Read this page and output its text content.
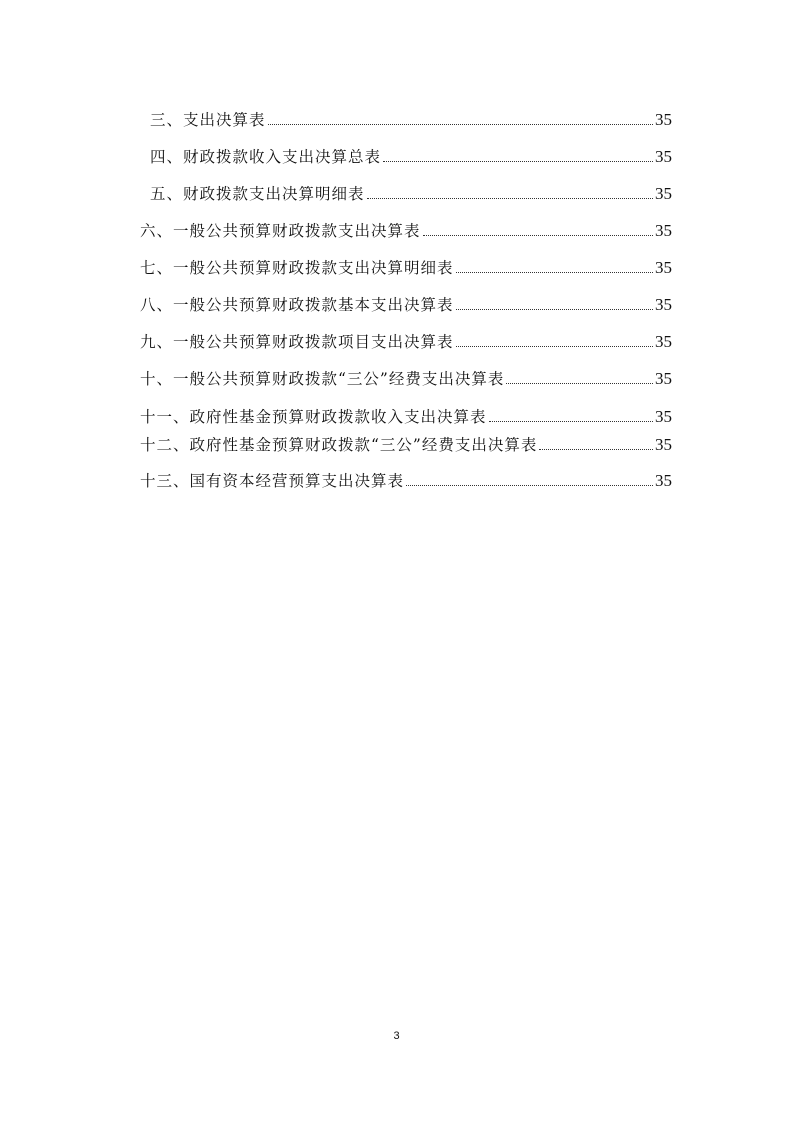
三、支出决算表	35
四、财政拨款收入支出决算总表	35
五、财政拨款支出决算明细表	35
六、一般公共预算财政拨款支出决算表	35
七、一般公共预算财政拨款支出决算明细表	35
八、一般公共预算财政拨款基本支出决算表	35
九、一般公共预算财政拨款项目支出决算表	35
十、一般公共预算财政拨款“三公”经费支出决算表	35
十一、政府性基金预算财政拨款收入支出决算表	35
十二、政府性基金预算财政拨款“三公”经费支出决算表	35
十三、国有资本经营预算支出决算表	35
3
